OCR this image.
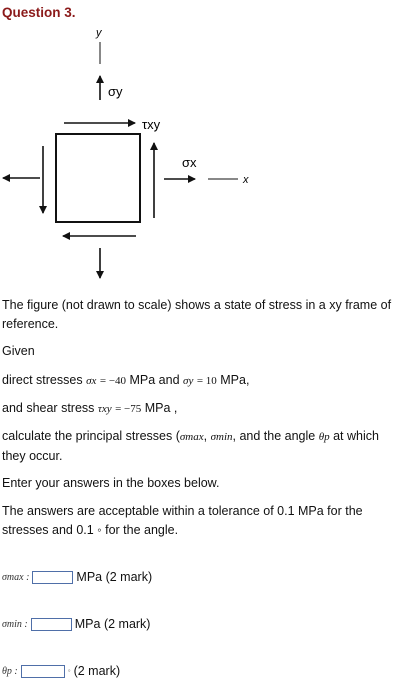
Question 3.
y
σy
τxy
σx
x
The figure (not drawn to scale) shows a state of stress in a xy frame of reference.
Given
direct stresses σx = −40 MPa and σy = 10 MPa,
and shear stress τxy = −75 MPa ,
calculate the principal stresses (σmax, σmin, and the angle θp at which they occur.
Enter your answers in the boxes below.
The answers are acceptable within a tolerance of 0.1 MPa for the stresses and 0.1 ◦ for the angle.
σmax :	MPa (2 mark)
σmin :	MPa (2 mark)
θp :	◦ (2 mark)
